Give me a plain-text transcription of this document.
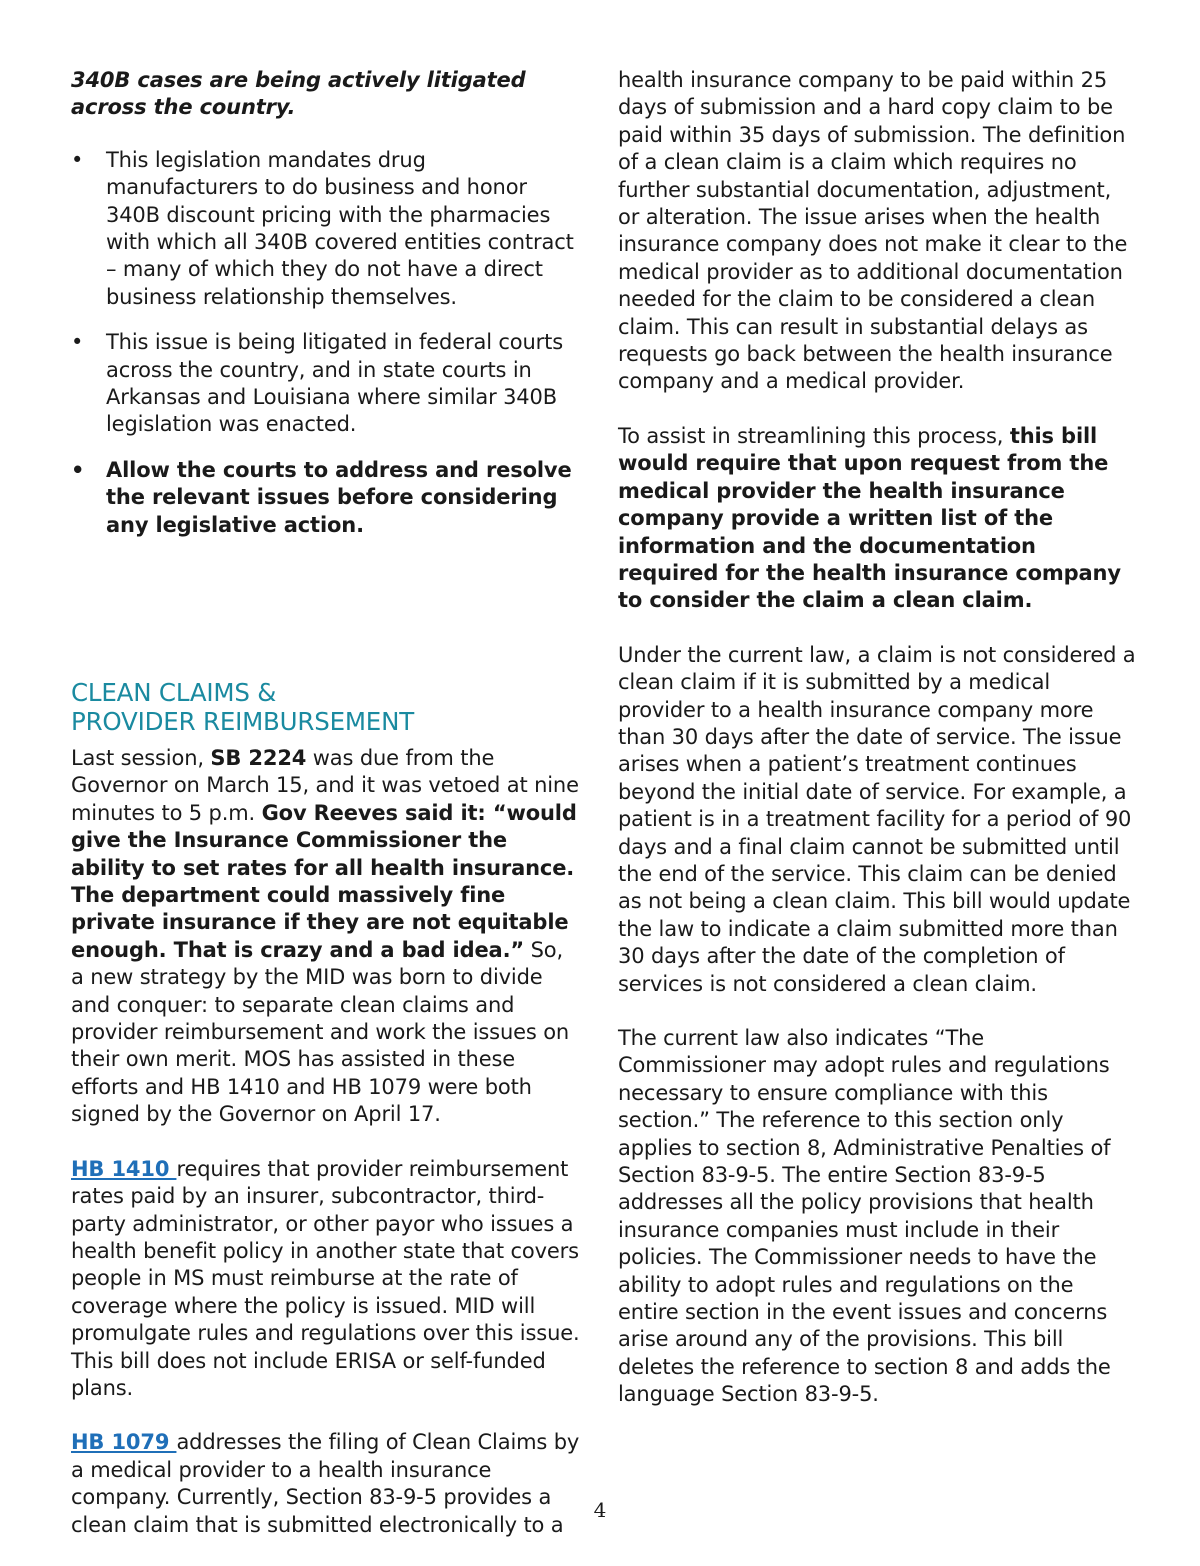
340B cases are being actively litigated across the country.

• This legislation mandates drug manufacturers to do business and honor 340B discount pricing with the pharmacies with which all 340B covered entities contract – many of which they do not have a direct business relationship themselves.
• This issue is being litigated in federal courts across the country, and in state courts in Arkansas and Louisiana where similar 340B legislation was enacted.
• Allow the courts to address and resolve the relevant issues before considering any legislative action.
CLEAN CLAIMS &
PROVIDER REIMBURSEMENT

Last session, SB 2224 was due from the Governor on March 15, and it was vetoed at nine minutes to 5 p.m. Gov Reeves said it: “would give the Insurance Commissioner the ability to set rates for all health insurance. The department could massively fine private insurance if they are not equitable enough. That is crazy and a bad idea.” So, a new strategy by the MID was born to divide and conquer: to separate clean claims and provider reimbursement and work the issues on their own merit. MOS has assisted in these efforts and HB 1410 and HB 1079 were both signed by the Governor on April 17.

HB 1410 requires that provider reimbursement rates paid by an insurer, subcontractor, third-party administrator, or other payor who issues a health benefit policy in another state that covers people in MS must reimburse at the rate of coverage where the policy is issued. MID will promulgate rules and regulations over this issue. This bill does not include ERISA or self-funded plans.

HB 1079 addresses the filing of Clean Claims by a medical provider to a health insurance company. Currently, Section 83-9-5 provides a clean claim that is submitted electronically to a

health insurance company to be paid within 25 days of submission and a hard copy claim to be paid within 35 days of submission. The definition of a clean claim is a claim which requires no further substantial documentation, adjustment, or alteration. The issue arises when the health insurance company does not make it clear to the medical provider as to additional documentation needed for the claim to be considered a clean claim. This can result in substantial delays as requests go back between the health insurance company and a medical provider.

To assist in streamlining this process, this bill would require that upon request from the medical provider the health insurance company provide a written list of the information and the documentation required for the health insurance company to consider the claim a clean claim.

Under the current law, a claim is not considered a clean claim if it is submitted by a medical provider to a health insurance company more than 30 days after the date of service. The issue arises when a patient’s treatment continues beyond the initial date of service. For example, a patient is in a treatment facility for a period of 90 days and a final claim cannot be submitted until the end of the service. This claim can be denied as not being a clean claim. This bill would update the law to indicate a claim submitted more than 30 days after the date of the completion of services is not considered a clean claim.

The current law also indicates “The Commissioner may adopt rules and regulations necessary to ensure compliance with this section.” The reference to this section only applies to section 8, Administrative Penalties of Section 83-9-5. The entire Section 83-9-5 addresses all the policy provisions that health insurance companies must include in their policies. The Commissioner needs to have the ability to adopt rules and regulations on the entire section in the event issues and concerns arise around any of the provisions. This bill deletes the reference to section 8 and adds the language Section 83-9-5.

4
